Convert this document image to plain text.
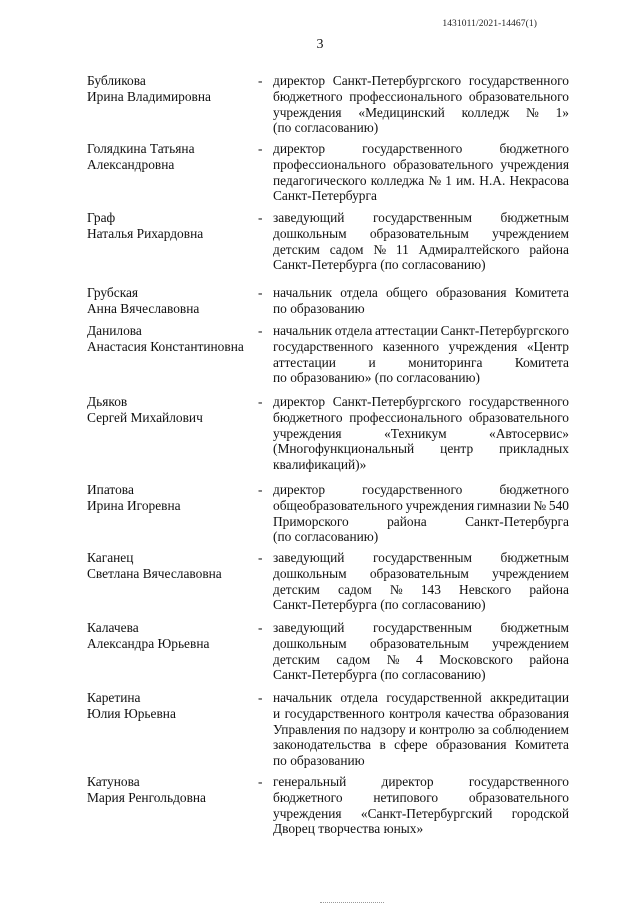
1431011/2021-14467(1)
3
Бубликова
Ирина Владимировна
- директор Санкт-Петербургского государственного
бюджетного профессионального образовательного
учреждения «Медицинский колледж № 1»
(по согласованию)
Голядкина Татьяна
Александровна
- директор	государственного	бюджетного
профессионального образовательного учреждения
педагогического колледжа № 1 им. Н.А. Некрасова
Санкт-Петербурга
Граф
Наталья Рихардовна
- заведующий государственным бюджетным
дошкольным образовательным учреждением
детским садом № 11 Адмиралтейского района
Санкт-Петербурга (по согласованию)
Грубская
Анна Вячеславовна
- начальник отдела общего образования Комитета
по образованию
Данилова
Анастасия Константиновна
- начальник отдела аттестации Санкт-Петербургского
государственного казенного учреждения «Центр
аттестации и мониторинга Комитета
по образованию» (по согласованию)
Дьяков
Сергей Михайлович
- директор Санкт-Петербургского государственного
бюджетного профессионального образовательного
учреждения	«Техникум	«Автосервис»
(Многофункциональный центр прикладных
квалификаций)»
Ипатова
Ирина Игоревна
- директор	государственного	бюджетного
общеобразовательного учреждения гимназии № 540
Приморского	района	Санкт-Петербурга
(по согласованию)
Каганец
Светлана Вячеславовна
- заведующий государственным бюджетным
дошкольным образовательным учреждением
детским садом № 143 Невского района
Санкт-Петербурга (по согласованию)
Калачева
Александра Юрьевна
- заведующий государственным бюджетным
дошкольным образовательным учреждением
детским садом № 4 Московского района
Санкт-Петербурга (по согласованию)
Каретина
Юлия Юрьевна
- начальник отдела государственной аккредитации
и государственного контроля качества образования
Управления по надзору и контролю за соблюдением
законодательства в сфере образования Комитета
по образованию
Катунова
Мария Ренгольдовна
- генеральный	директор	государственного
бюджетного нетипового образовательного
учреждения «Санкт-Петербургский городской
Дворец творчества юных»
